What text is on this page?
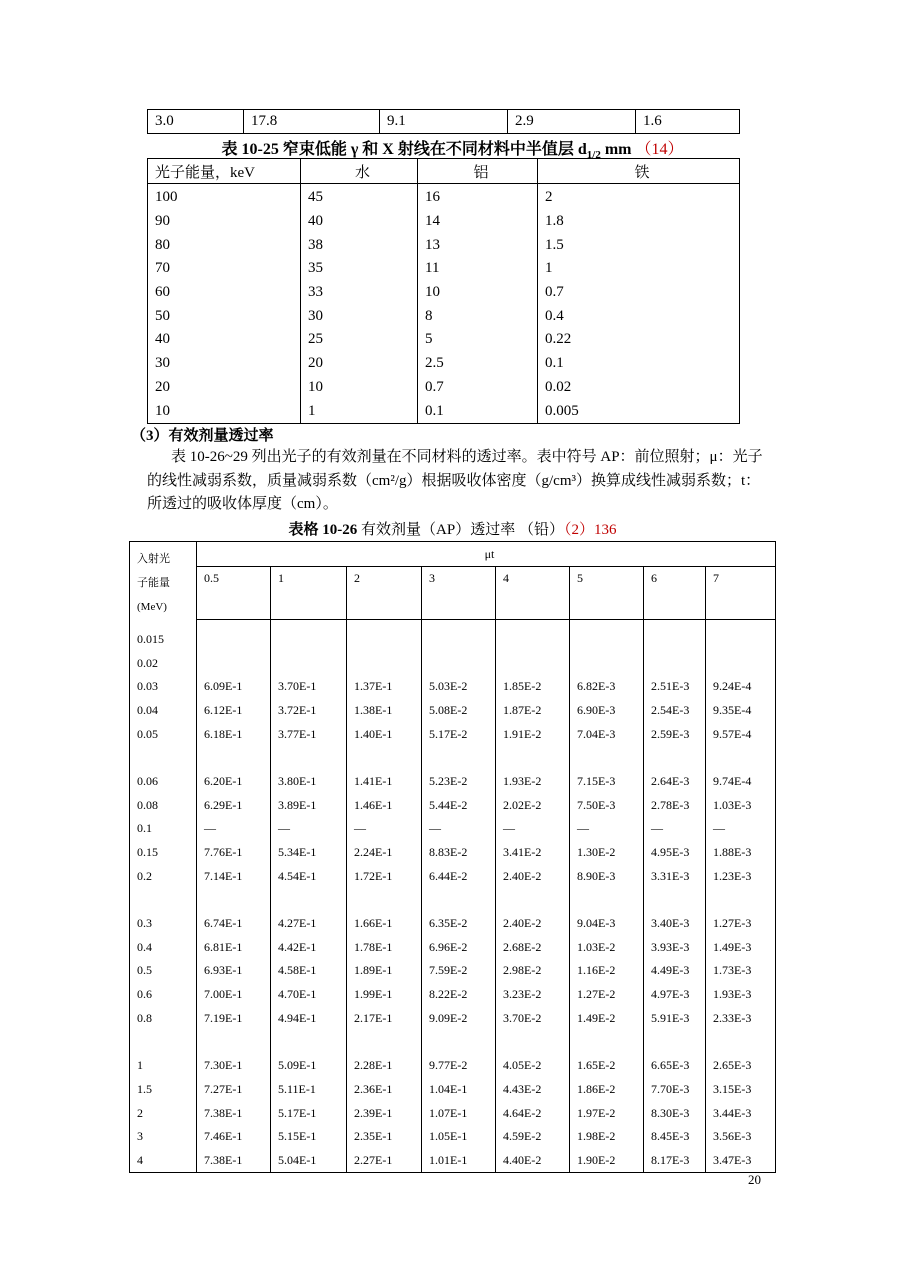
3.0	17.8	9.1	2.9	1.6
表 10-25 窄束低能 γ 和 X 射线在不同材料中半值层 $d_{1/2}$ mm （14）
光子能量，keV	水	铝	铁
100	45	16	2
90	40	14	1.8
80	38	13	1.5
70	35	11	1
60	33	10	0.7
50	30	8	0.4
40	25	5	0.22
30	20	2.5	0.1
20	10	0.7	0.02
10	1	0.1	0.005
（3）有效剂量透过率
表 10-26~29 列出光子的有效剂量在不同材料的透过率。表中符号 AP：前位照射；μ：光子的线性减弱系数，质量减弱系数（cm²/g）根据吸收体密度（g/cm³）换算成线性减弱系数；t：所透过的吸收体厚度（cm）。
表格 10-26 有效剂量（AP）透过率 （铅）（2）136
入射光
子能量
(MeV)	μt							
	0.5	1	2	3	4	5	6	7
0.015								
0.02								
0.03	6.09E-1	3.70E-1	1.37E-1	5.03E-2	1.85E-2	6.82E-3	2.51E-3	9.24E-4
0.04	6.12E-1	3.72E-1	1.38E-1	5.08E-2	1.87E-2	6.90E-3	2.54E-3	9.35E-4
0.05	6.18E-1	3.77E-1	1.40E-1	5.17E-2	1.91E-2	7.04E-3	2.59E-3	9.57E-4

0.06	6.20E-1	3.80E-1	1.41E-1	5.23E-2	1.93E-2	7.15E-3	2.64E-3	9.74E-4
0.08	6.29E-1	3.89E-1	1.46E-1	5.44E-2	2.02E-2	7.50E-3	2.78E-3	1.03E-3
0.1	—	—	—	—	—	—	—	—
0.15	7.76E-1	5.34E-1	2.24E-1	8.83E-2	3.41E-2	1.30E-2	4.95E-3	1.88E-3
0.2	7.14E-1	4.54E-1	1.72E-1	6.44E-2	2.40E-2	8.90E-3	3.31E-3	1.23E-3

0.3	6.74E-1	4.27E-1	1.66E-1	6.35E-2	2.40E-2	9.04E-3	3.40E-3	1.27E-3
0.4	6.81E-1	4.42E-1	1.78E-1	6.96E-2	2.68E-2	1.03E-2	3.93E-3	1.49E-3
0.5	6.93E-1	4.58E-1	1.89E-1	7.59E-2	2.98E-2	1.16E-2	4.49E-3	1.73E-3
0.6	7.00E-1	4.70E-1	1.99E-1	8.22E-2	3.23E-2	1.27E-2	4.97E-3	1.93E-3
0.8	7.19E-1	4.94E-1	2.17E-1	9.09E-2	3.70E-2	1.49E-2	5.91E-3	2.33E-3

1	7.30E-1	5.09E-1	2.28E-1	9.77E-2	4.05E-2	1.65E-2	6.65E-3	2.65E-3
1.5	7.27E-1	5.11E-1	2.36E-1	1.04E-1	4.43E-2	1.86E-2	7.70E-3	3.15E-3
2	7.38E-1	5.17E-1	2.39E-1	1.07E-1	4.64E-2	1.97E-2	8.30E-3	3.44E-3
3	7.46E-1	5.15E-1	2.35E-1	1.05E-1	4.59E-2	1.98E-2	8.45E-3	3.56E-3
4	7.38E-1	5.04E-1	2.27E-1	1.01E-1	4.40E-2	1.90E-2	8.17E-3	3.47E-3
20
